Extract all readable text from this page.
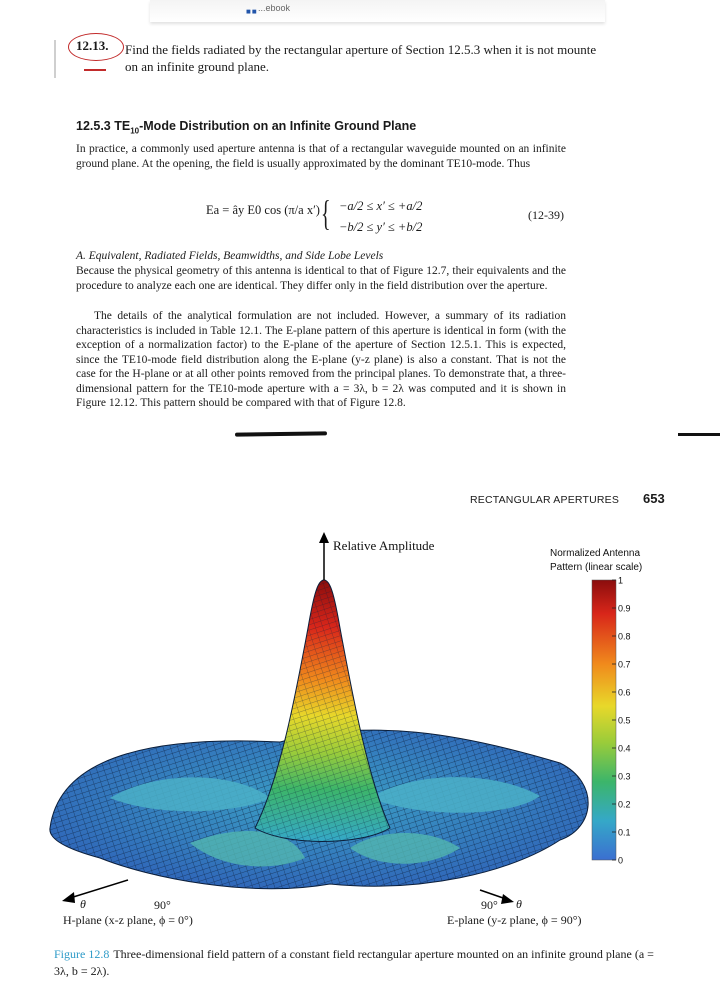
■■ ...ebook
12.13. Find the fields radiated by the rectangular aperture of Section 12.5.3 when it is not mounte
on an infinite ground plane.
12.5.3 $TE_{10}$-Mode Distribution on an Infinite Ground Plane
In practice, a commonly used aperture antenna is that of a rectangular waveguide mounted on an infinite ground plane. At the opening, the field is usually approximated by the dominant TE10-mode. Thus
Ea = ây E0 cos (π/a x′) { −a/2 ≤ x′ ≤ +a/2
−b/2 ≤ y′ ≤ +b/2
(12-39)
A. Equivalent, Radiated Fields, Beamwidths, and Side Lobe Levels
Because the physical geometry of this antenna is identical to that of Figure 12.7, their equivalents and the procedure to analyze each one are identical. They differ only in the field distribution over the aperture.
The details of the analytical formulation are not included. However, a summary of its radiation characteristics is included in Table 12.1. The E-plane pattern of this aperture is identical in form (with the exception of a normalization factor) to the E-plane of the aperture of Section 12.5.1. This is expected, since the TE10-mode field distribution along the E-plane (y-z plane) is also a constant. That is not the case for the H-plane or at all other points removed from the principal planes. To demonstrate that, a three-dimensional pattern for the TE10-mode aperture with a = 3λ, b = 2λ was computed and it is shown in Figure 12.12. This pattern should be compared with that of Figure 12.8.
RECTANGULAR APERTURES 653
Relative Amplitude
Normalized Antenna
Pattern (linear scale)
1
0.9
0.8
0.7
0.6
0.5
0.4
0.3
0.2
0.1
0
θ	90°
H-plane (x-z plane, ϕ = 0°)
90° θ
E-plane (y-z plane, ϕ = 90°)
Figure 12.8 Three-dimensional field pattern of a constant field rectangular aperture mounted on an infinite ground plane (a = 3λ, b = 2λ).
